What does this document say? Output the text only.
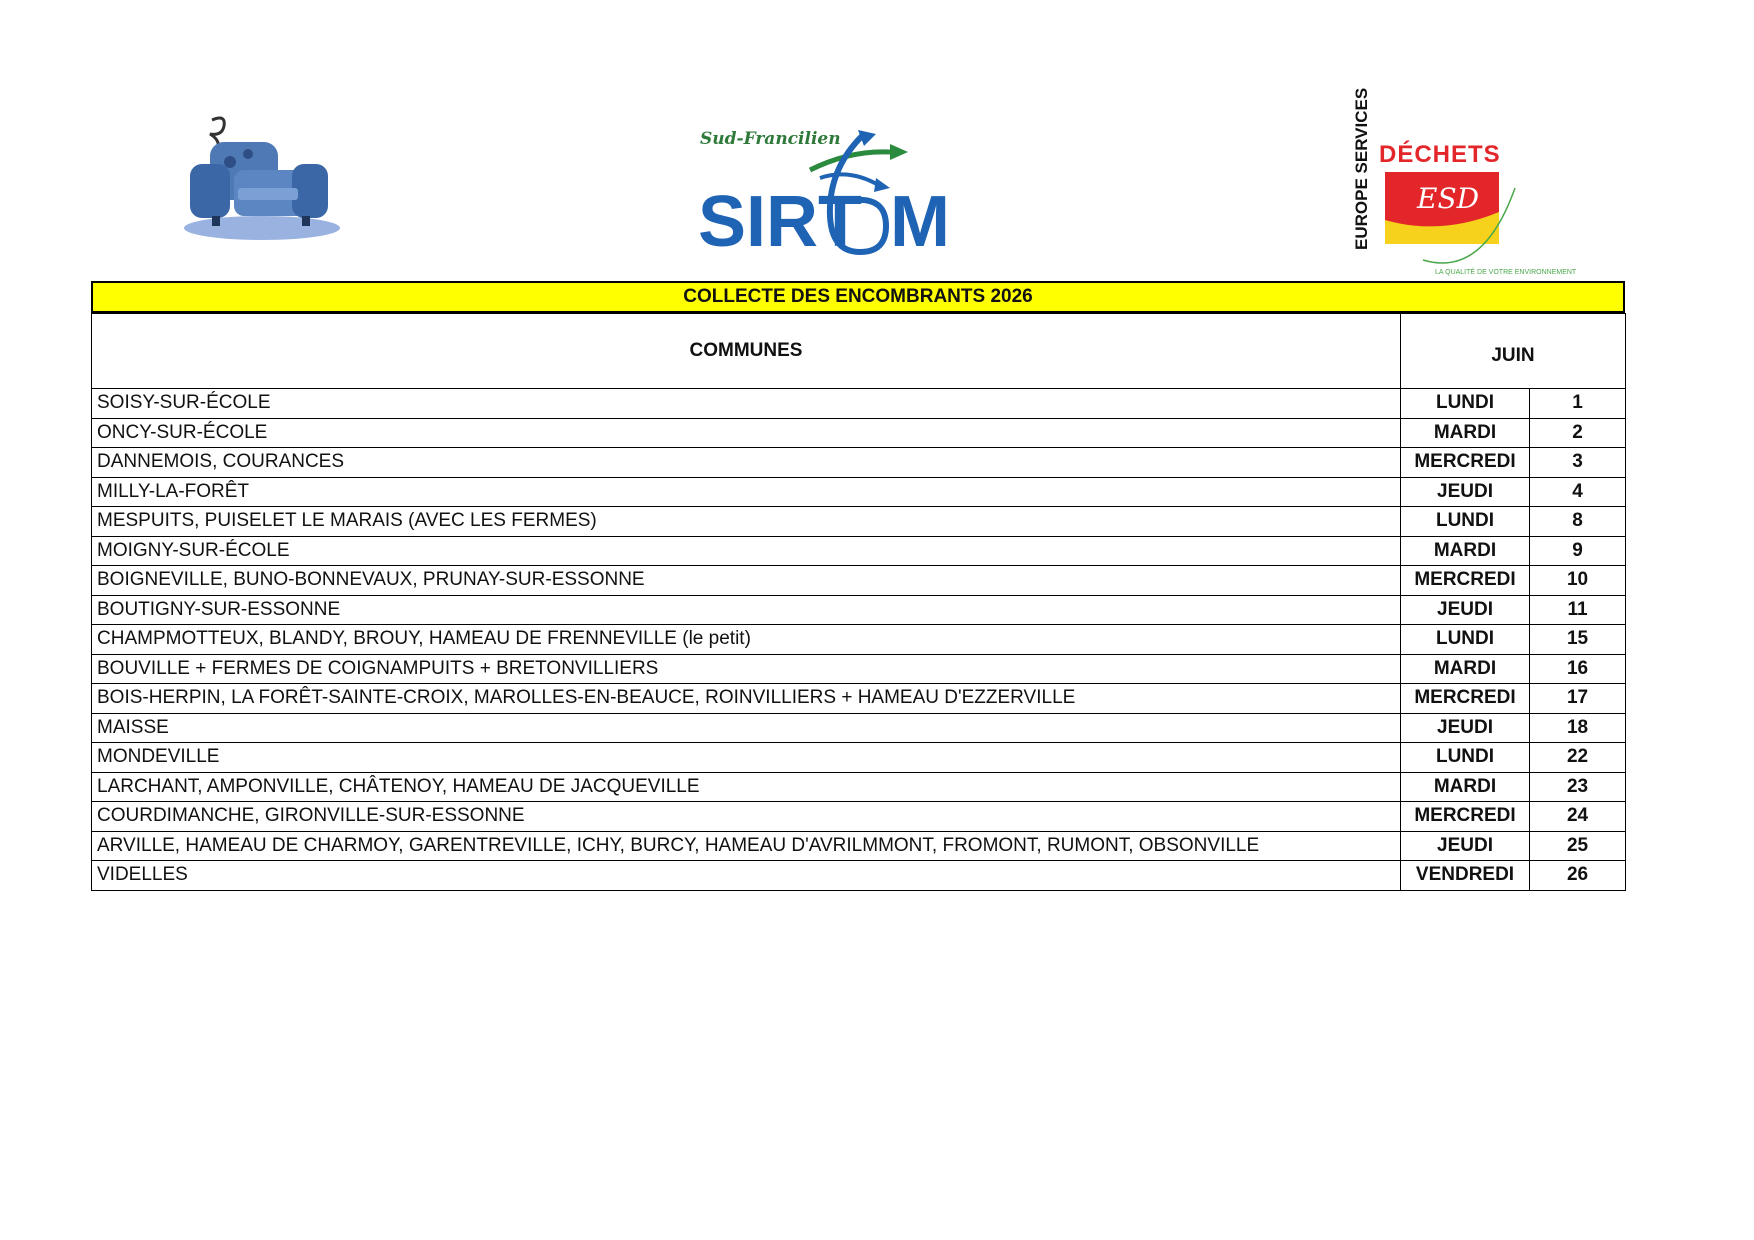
Sud-Francilien
SIRT M	EUROPE SERVICES DÉCHETS
ESD
LA QUALITÉ DE VOTRE ENVIRONNEMENT
COLLECTE DES ENCOMBRANTS 2026
COMMUNES	JUIN	
SOISY-SUR-ÉCOLE	LUNDI	1
ONCY-SUR-ÉCOLE	MARDI	2
DANNEMOIS, COURANCES	MERCREDI	3
MILLY-LA-FORÊT	JEUDI	4
MESPUITS, PUISELET LE MARAIS (AVEC LES FERMES)	LUNDI	8
MOIGNY-SUR-ÉCOLE	MARDI	9
BOIGNEVILLE, BUNO-BONNEVAUX, PRUNAY-SUR-ESSONNE	MERCREDI	10
BOUTIGNY-SUR-ESSONNE	JEUDI	11
CHAMPMOTTEUX, BLANDY, BROUY, HAMEAU DE FRENNEVILLE (le petit)	LUNDI	15
BOUVILLE + FERMES DE COIGNAMPUITS + BRETONVILLIERS	MARDI	16
BOIS-HERPIN, LA FORÊT-SAINTE-CROIX, MAROLLES-EN-BEAUCE, ROINVILLIERS + HAMEAU D'EZZERVILLE	MERCREDI	17
MAISSE	JEUDI	18
MONDEVILLE	LUNDI	22
LARCHANT, AMPONVILLE, CHÂTENOY, HAMEAU DE JACQUEVILLE	MARDI	23
COURDIMANCHE, GIRONVILLE-SUR-ESSONNE	MERCREDI	24
ARVILLE, HAMEAU DE CHARMOY, GARENTREVILLE, ICHY, BURCY, HAMEAU D'AVRILMMONT, FROMONT, RUMONT, OBSONVILLE	JEUDI	25
VIDELLES	VENDREDI	26
